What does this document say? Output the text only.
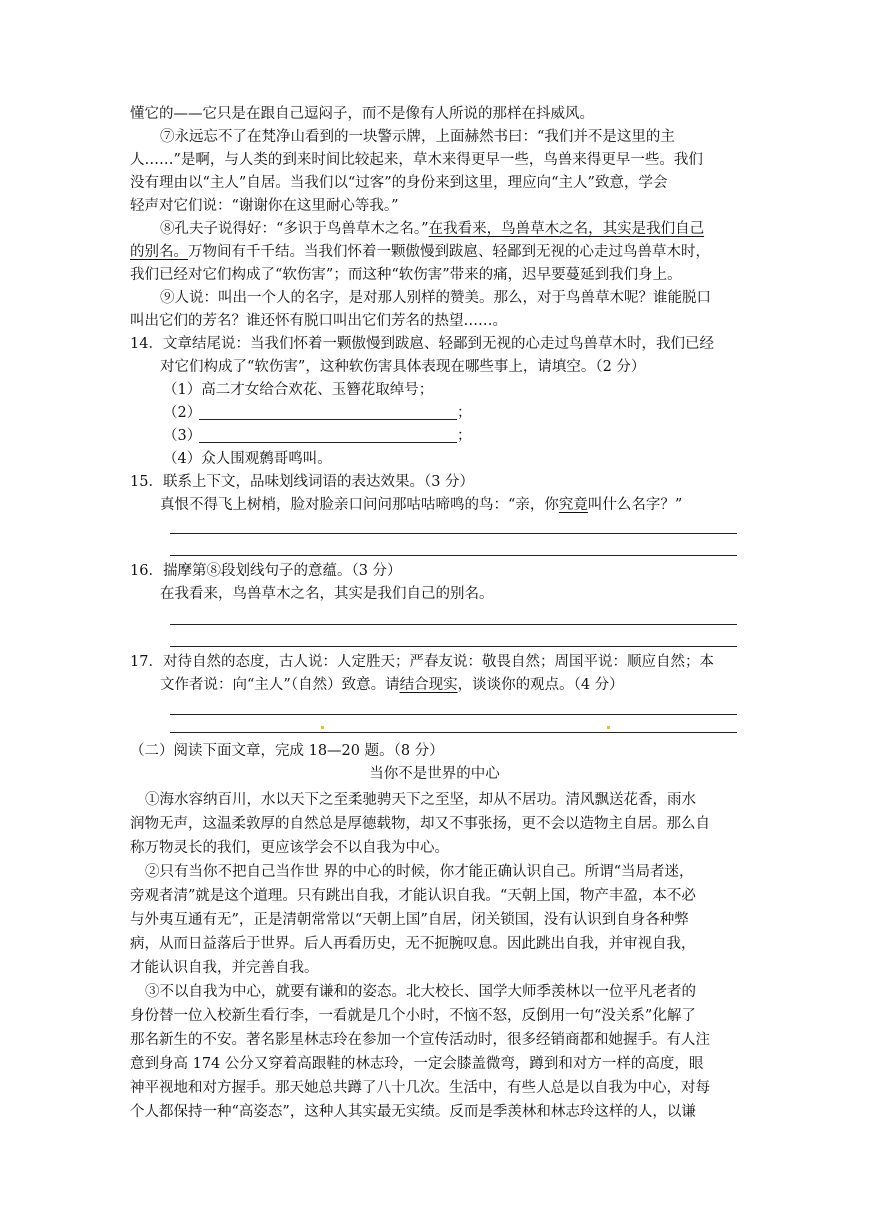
懂它的——它只是在跟自己逗闷子，而不是像有人所说的那样在抖威风。
⑦永远忘不了在梵净山看到的一块警示牌，上面赫然书曰：“我们并不是这里的主
人……”是啊，与人类的到来时间比较起来，草木来得更早一些，鸟兽来得更早一些。我们
没有理由以“主人”自居。当我们以“过客”的身份来到这里，理应向“主人”致意，学会
轻声对它们说：“谢谢你在这里耐心等我。”
⑧孔夫子说得好：“多识于鸟兽草木之名。”在我看来，鸟兽草木之名，其实是我们自己
的别名。万物间有千千结。当我们怀着一颗傲慢到跋扈、轻鄙到无视的心走过鸟兽草木时，
我们已经对它们构成了“软伤害”；而这种“软伤害”带来的痛，迟早要蔓延到我们身上。
⑨人说：叫出一个人的名字，是对那人别样的赞美。那么，对于鸟兽草木呢？谁能脱口
叫出它们的芳名？谁还怀有脱口叫出它们芳名的热望……。
14．文章结尾说：当我们怀着一颗傲慢到跋扈、轻鄙到无视的心走过鸟兽草木时，我们已经
对它们构成了“软伤害”，这种软伤害具体表现在哪些事上，请填空。（2 分）
（1）高二才女给合欢花、玉簪花取绰号；
（2）	；
（3）	；
（4）众人围观鹩哥鸣叫。
15．联系上下文，品味划线词语的表达效果。（3 分）
真恨不得飞上树梢，脸对脸亲口问问那咕咕啼鸣的鸟：“亲，你究竟叫什么名字？”
16．揣摩第⑧段划线句子的意蕴。（3 分）
在我看来，鸟兽草木之名，其实是我们自己的别名。
17．对待自然的态度，古人说：人定胜天；严春友说：敬畏自然；周国平说：顺应自然；本
文作者说：向“主人”（自然）致意。请结合现实，谈谈你的观点。（4 分）
（二）阅读下面文章，完成 18—20 题。（8 分）
当你不是世界的中心
①海水容纳百川，水以天下之至柔驰骋天下之至坚，却从不居功。清风飘送花香，雨水
润物无声，这温柔敦厚的自然总是厚德载物，却又不事张扬，更不会以造物主自居。那么自
称万物灵长的我们，更应该学会不以自我为中心。
②只有当你不把自己当作世 界的中心的时候，你才能正确认识自己。所谓“当局者迷，
旁观者清”就是这个道理。只有跳出自我，才能认识自我。“天朝上国，物产丰盈，本不必
与外夷互通有无”，正是清朝常常以“天朝上国”自居，闭关锁国，没有认识到自身各种弊
病，从而日益落后于世界。后人再看历史，无不扼腕叹息。因此跳出自我，并审视自我，
才能认识自我，并完善自我。
③不以自我为中心，就要有谦和的姿态。北大校长、国学大师季羡林以一位平凡老者的
身份替一位入校新生看行李，一看就是几个小时，不恼不怒，反倒用一句“没关系”化解了
那名新生的不安。著名影星林志玲在参加一个宣传活动时，很多经销商都和她握手。有人注
意到身高 174 公分又穿着高跟鞋的林志玲，一定会膝盖微弯，蹲到和对方一样的高度，眼
神平视地和对方握手。那天她总共蹲了八十几次。生活中，有些人总是以自我为中心，对每
个人都保持一种“高姿态”，这种人其实最无实绩。反而是季羡林和林志玲这样的人，以谦
